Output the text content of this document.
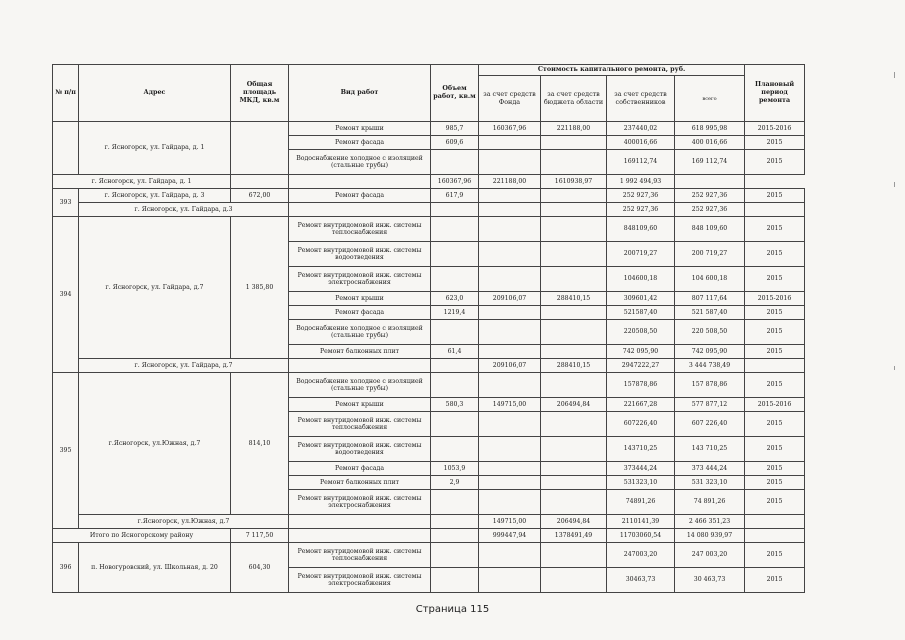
№ п/п	Адрес	Общая площадь МКД, кв.м	Вид работ	Объем работ, кв.м	Стоимость капитального ремонта, руб.				Плановый период ремонта
					за счет средств Фонда	за счет средств бюджета области	за счет средств собственников	всего	
	г. Ясногорск, ул. Гайдара, д. 1		Ремонт крыши	985,7	160367,96	221188,00	237440,02	618 995,98	2015-2016
			Ремонт фасада	609,6			400016,66	400 016,66	2015
			Водоснабжение холодное с изоляцией (стальные трубы)				169112,74	169 112,74	2015
г. Ясногорск, ул. Гайдара, д. 1				160367,96	221188,00	1610938,97	1 992 494,93		
393	г. Ясногорск, ул. Гайдара, д. 3	672,00	Ремонт фасада	617,9			252 927,36	252 927,36	2015
	г. Ясногорск, ул. Гайдара, д.3						252 927,36	252 927,36	
394	г. Ясногорск, ул. Гайдара, д.7	1 385,80	Ремонт внутридомовой инж. системы теплоснабжения				848109,60	848 109,60	2015
			Ремонт внутридомовой инж. системы водоотведения				200719,27	200 719,27	2015
			Ремонт внутридомовой инж. системы электроснабжения				104600,18	104 600,18	2015
			Ремонт крыши	623,0	209106,07	288410,15	309601,42	807 117,64	2015-2016
			Ремонт фасада	1219,4			521587,40	521 587,40	2015
			Водоснабжение холодное с изоляцией (стальные трубы)				220508,50	220 508,50	2015
			Ремонт балконных плит	61,4			742 095,90	742 095,90	2015
	г. Ясногорск, ул. Гайдара, д.7				209106,07	288410,15	2947222,27	3 444 738,49	
395	г.Ясногорск, ул.Южная, д.7	814,10	Водоснабжение холодное с изоляцией (стальные трубы)				157878,86	157 878,86	2015
			Ремонт крыши	580,3	149715,00	206494,84	221667,28	577 877,12	2015-2016
			Ремонт внутридомовой инж. системы теплоснабжения				607226,40	607 226,40	2015
			Ремонт внутридомовой инж. системы водоотведения				143710,25	143 710,25	2015
			Ремонт фасада	1053,9			373444,24	373 444,24	2015
			Ремонт балконных плит	2,9			531323,10	531 323,10	2015
			Ремонт внутридомовой инж. системы электроснабжения				74891,26	74 891,26	2015
	г.Ясногорск, ул.Южная, д.7				149715,00	206494,84	2110141,39	2 466 351,23	
Итого по Ясногорскому району		7 117,50			999447,94	1378491,49	11703060,54	14 080 939,97	
396	п. Новогуровский, ул. Школьная, д. 20	604,30	Ремонт внутридомовой инж. системы теплоснабжения				247003,20	247 003,20	2015
			Ремонт внутридомовой инж. системы электроснабжения				30463,73	30 463,73	2015
Страница 115
